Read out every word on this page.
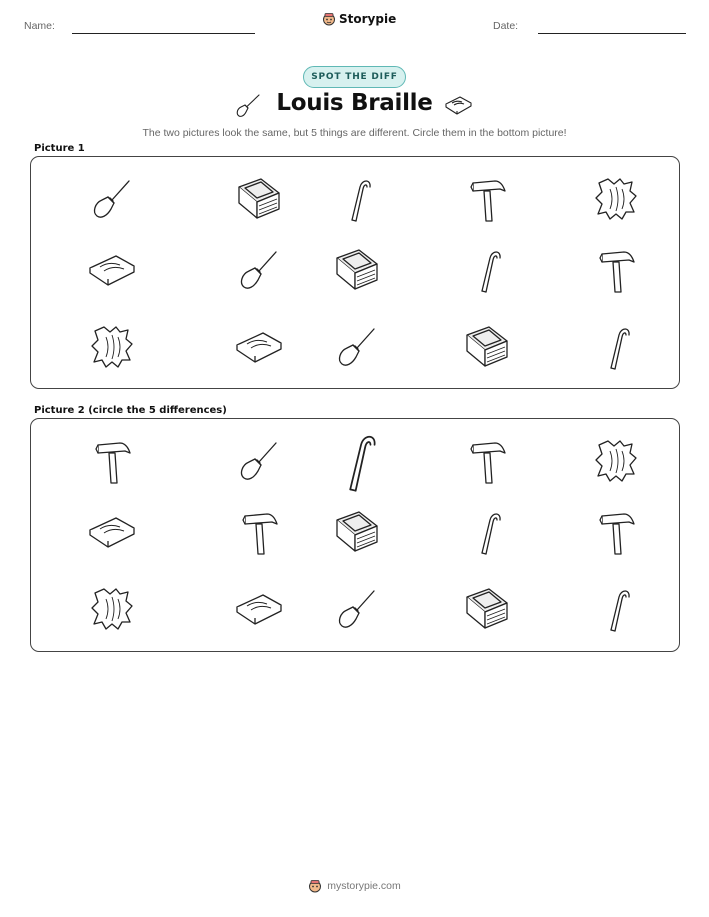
Name:	Storypie	Date:
SPOT THE DIFF
Louis Braille
The two pictures look the same, but 5 things are different. Circle them in the bottom picture!
Picture 1
Picture 2 (circle the 5 differences)
mystorypie.com
